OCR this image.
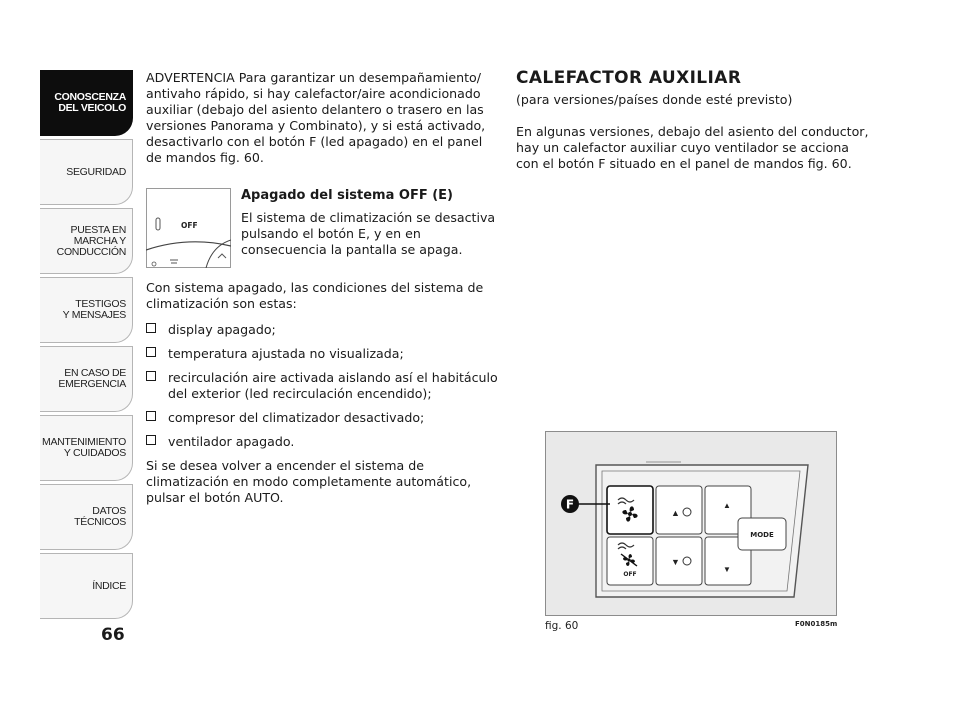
CONOSCENZA
DEL VEICOLO
SEGURIDAD
PUESTA EN
MARCHA Y
CONDUCCIÓN
TESTIGOS
Y MENSAJES
EN CASO DE
EMERGENCIA
MANTENIMIENTO
Y CUIDADOS
DATOS
TÉCNICOS
ÍNDICE
66

ADVERTENCIA Para garantizar un desempañamiento/ antivaho rápido, si hay calefactor/aire acondicionado auxiliar (debajo del asiento delantero o trasero en las versiones Panorama y Combinato), y si está activado, desactivarlo con el botón F (led apagado) en el panel de mandos fig. 60.

OFF
Apagado del sistema OFF (E)
El sistema de climatización se desactiva pulsando el botón E, y en en consecuencia la pantalla se apaga.

Con sistema apagado, las condiciones del sistema de climatización son estas:

display apagado;
temperatura ajustada no visualizada;
recirculación aire activada aislando así el habitáculo del exterior (led recirculación encendido);
compresor del climatizador desactivado;
ventilador apagado.

Si se desea volver a encender el sistema de climatización en modo completamente automático, pulsar el botón AUTO.

CALEFACTOR AUXILIAR

(para versiones/países donde esté previsto)

En algunas versiones, debajo del asiento del conductor, hay un calefactor auxiliar cuyo ventilador se acciona con el botón F situado en el panel de mandos fig. 60.

MODE
▲
▲
▼
▼
OFF
F
fig. 60	F0N0185m
